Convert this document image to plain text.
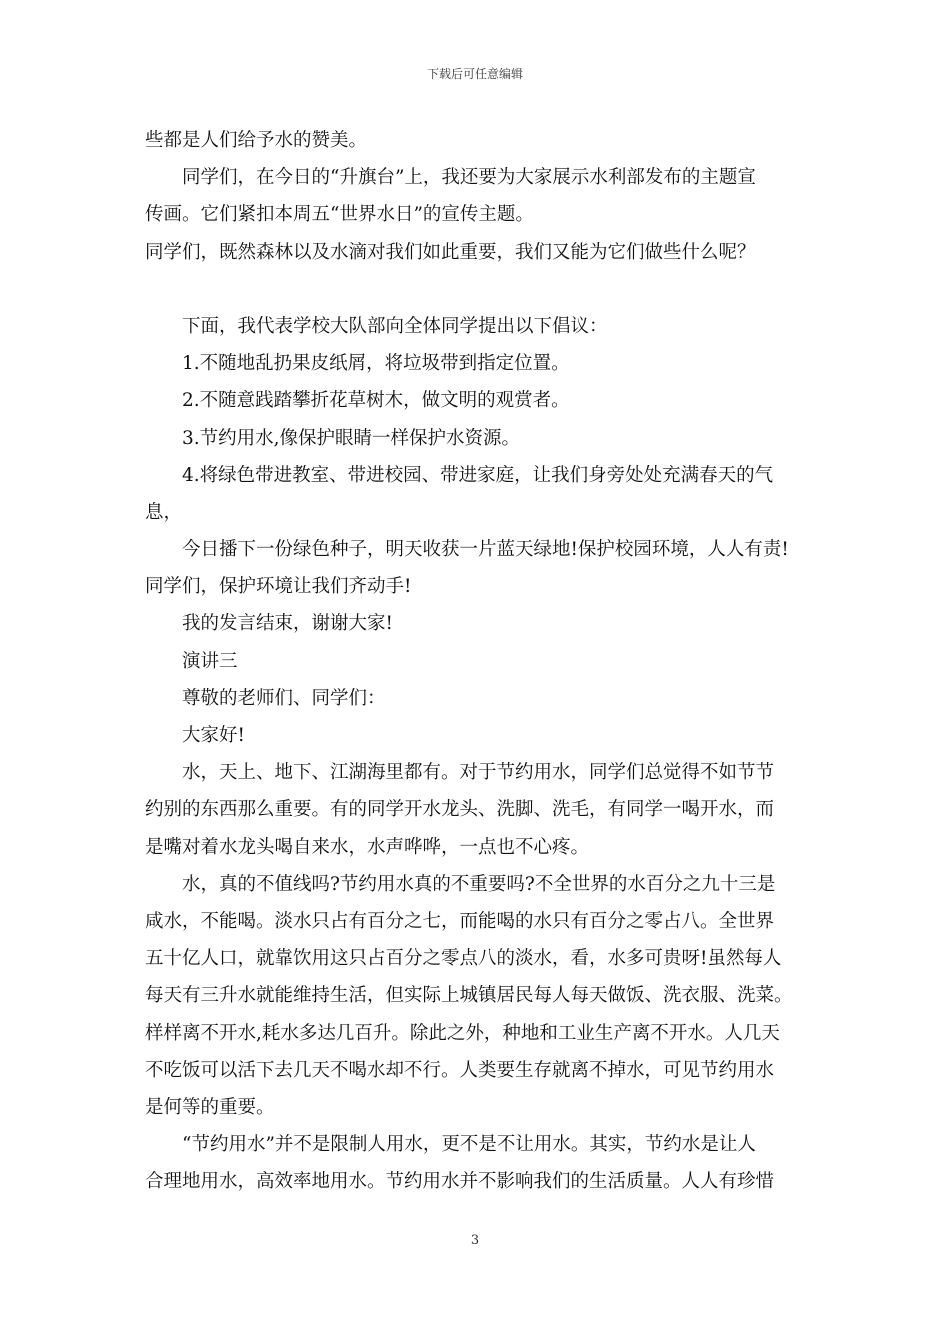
下载后可任意编辑
些都是人们给予水的赞美。
同学们，在今日的“升旗台”上，我还要为大家展示水利部发布的主题宣
传画。它们紧扣本周五“世界水日”的宣传主题。
同学们，既然森林以及水滴对我们如此重要，我们又能为它们做些什么呢？
下面，我代表学校大队部向全体同学提出以下倡议：
1.不随地乱扔果皮纸屑，将垃圾带到指定位置。
2.不随意践踏攀折花草树木，做文明的观赏者。
3.节约用水,像保护眼睛一样保护水资源。
4.将绿色带进教室、带进校园、带进家庭，让我们身旁处处充满春天的气
息，
今日播下一份绿色种子，明天收获一片蓝天绿地!保护校园环境，人人有责!
同学们，保护环境让我们齐动手!
我的发言结束，谢谢大家!
演讲三
尊敬的老师们、同学们：
大家好!
水，天上、地下、江湖海里都有。对于节约用水，同学们总觉得不如节节
约别的东西那么重要。有的同学开水龙头、洗脚、洗毛，有同学一喝开水，而
是嘴对着水龙头喝自来水，水声哗哗，一点也不心疼。
水，真的不值线吗?节约用水真的不重要吗?不全世界的水百分之九十三是
咸水，不能喝。淡水只占有百分之七，而能喝的水只有百分之零占八。全世界
五十亿人口，就靠饮用这只占百分之零点八的淡水，看，水多可贵呀!虽然每人
每天有三升水就能维持生活，但实际上城镇居民每人每天做饭、洗衣服、洗菜。
样样离不开水,耗水多达几百升。除此之外，种地和工业生产离不开水。人几天
不吃饭可以活下去几天不喝水却不行。人类要生存就离不掉水，可见节约用水
是何等的重要。
“节约用水”并不是限制人用水，更不是不让用水。其实，节约水是让人
合理地用水，高效率地用水。节约用水并不影响我们的生活质量。人人有珍惜
3
